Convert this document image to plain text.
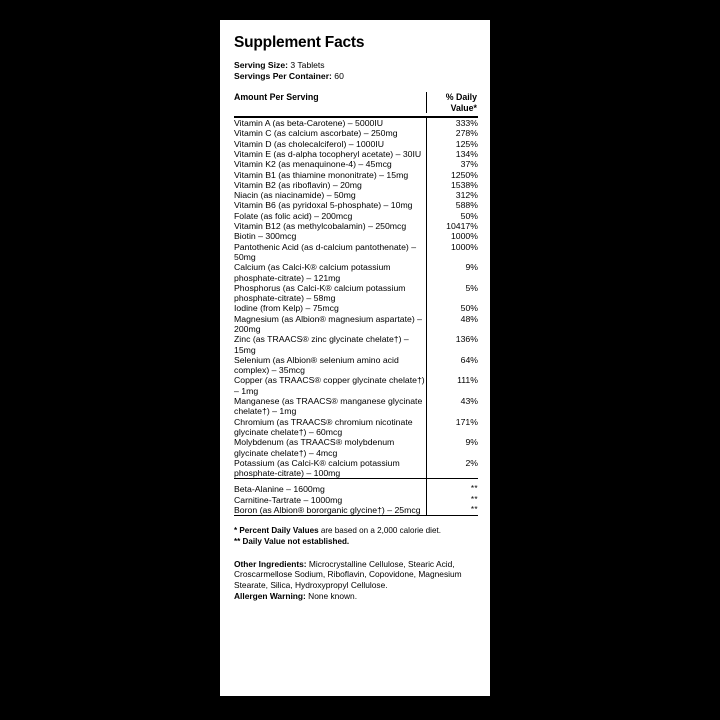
Supplement Facts
Serving Size: 3 Tablets
Servings Per Container: 60
Amount Per Serving	% Daily
Value*
Vitamin A (as beta-Carotene) – 5000IU	333%
Vitamin C (as calcium ascorbate) – 250mg	278%
Vitamin D (as cholecalciferol) – 1000IU	125%
Vitamin E (as d-alpha tocopheryl acetate) – 30IU	134%
Vitamin K2 (as menaquinone-4) – 45mcg	37%
Vitamin B1 (as thiamine mononitrate) – 15mg	1250%
Vitamin B2 (as riboflavin) – 20mg	1538%
Niacin (as niacinamide) – 50mg	312%
Vitamin B6 (as pyridoxal 5-phosphate) – 10mg	588%
Folate (as folic acid) – 200mcg	50%
Vitamin B12 (as methylcobalamin) – 250mcg	10417%
Biotin – 300mcg	1000%
Pantothenic Acid (as d-calcium pantothenate) – 50mg	1000%
Calcium (as Calci-K® calcium potassium phosphate-citrate) – 121mg	9%
Phosphorus (as Calci-K® calcium potassium phosphate-citrate) – 58mg	5%
Iodine (from Kelp) – 75mcg	50%
Magnesium (as Albion® magnesium aspartate) – 200mg	48%
Zinc (as TRAACS® zinc glycinate chelate†) – 15mg	136%
Selenium (as Albion® selenium amino acid complex) – 35mcg	64%
Copper (as TRAACS® copper glycinate chelate†) – 1mg	111%
Manganese (as TRAACS® manganese glycinate chelate†) – 1mg	43%
Chromium (as TRAACS® chromium nicotinate glycinate chelate†) – 60mcg	171%
Molybdenum (as TRAACS® molybdenum glycinate chelate†) – 4mcg	9%
Potassium (as Calci-K® calcium potassium phosphate-citrate) – 100mg	2%

Beta-Alanine – 1600mg	**
Carnitine-Tartrate – 1000mg	**
Boron (as Albion® bororganic glycine†) – 25mcg	**
* Percent Daily Values are based on a 2,000 calorie diet.
** Daily Value not established.
Other Ingredients: Microcrystalline Cellulose, Stearic Acid, Croscarmellose Sodium, Riboflavin, Copovidone, Magnesium Stearate, Silica, Hydroxypropyl Cellulose.
Allergen Warning: None known.
